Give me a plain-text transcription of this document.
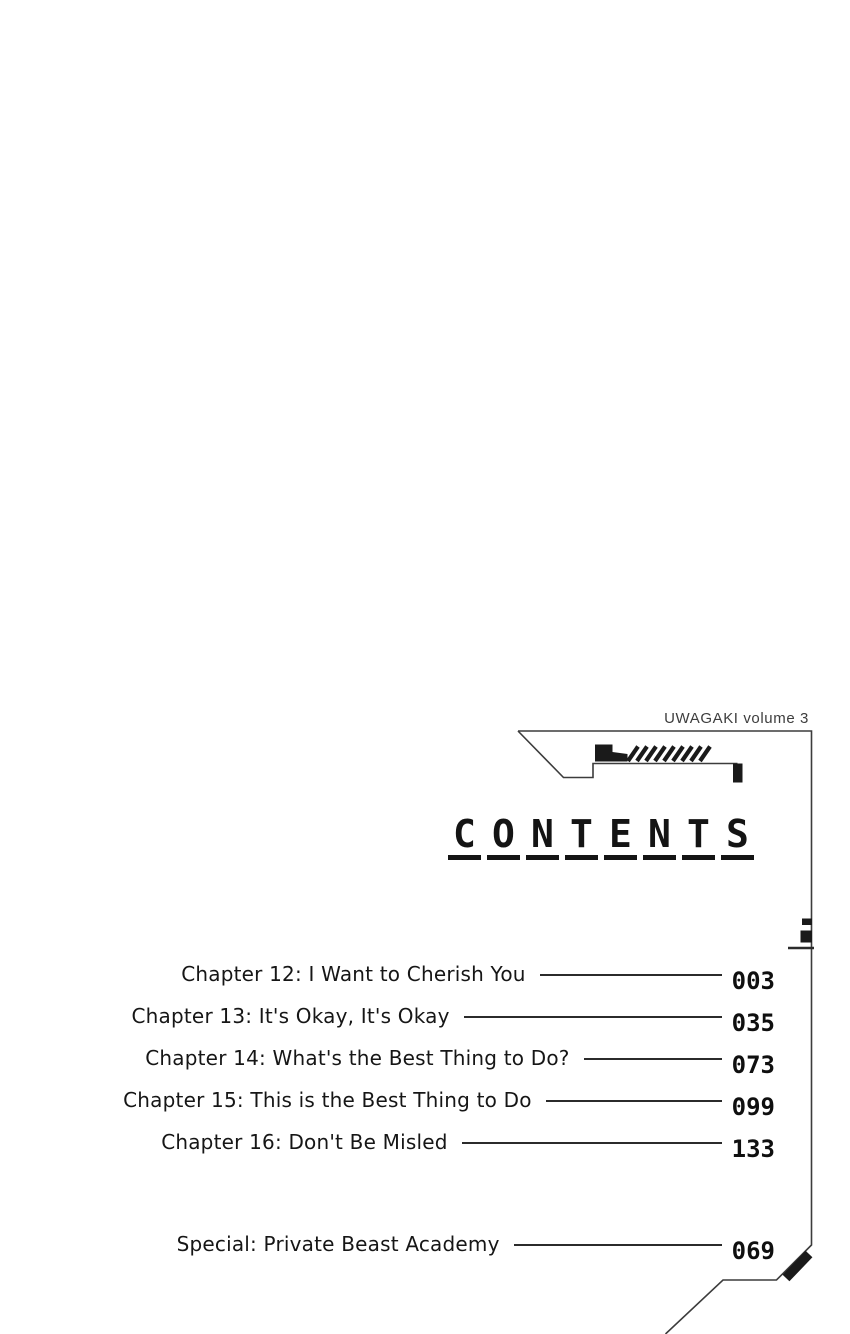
UWAGAKI volume 3
C O N T E N T S
Chapter 12: I Want to Cherish You	003
Chapter 13: It's Okay, It's Okay	035
Chapter 14: What's the Best Thing to Do?	073
Chapter 15: This is the Best Thing to Do	099
Chapter 16: Don't Be Misled	133
Special: Private Beast Academy	069
